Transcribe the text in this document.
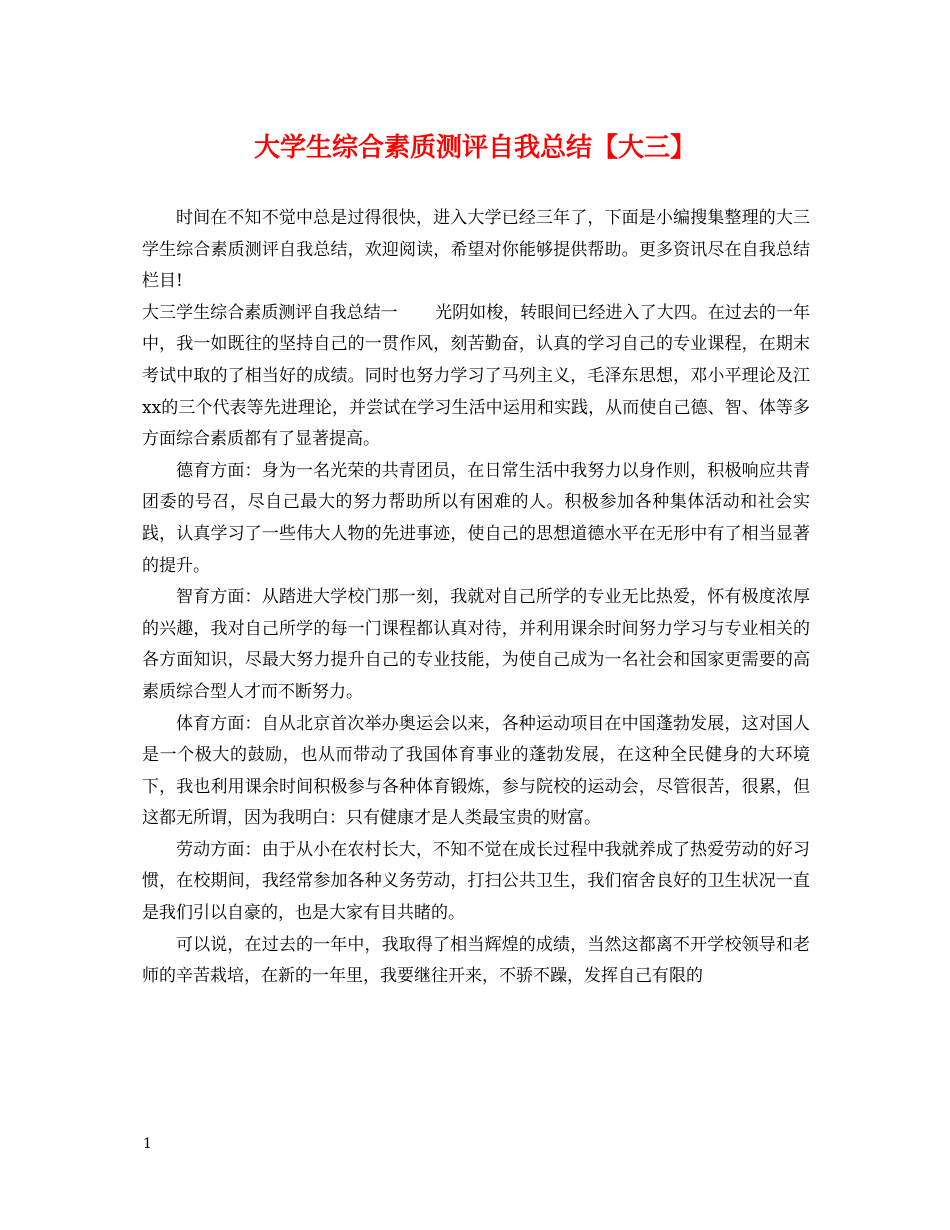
大学生综合素质测评自我总结【大三】

时间在不知不觉中总是过得很快，进入大学已经三年了，下面是小编搜集整理的大三学生综合素质测评自我总结，欢迎阅读，希望对你能够提供帮助。更多资讯尽在自我总结栏目!

大三学生综合素质测评自我总结一 光阴如梭，转眼间已经进入了大四。在过去的一年中，我一如既往的坚持自己的一贯作风，刻苦勤奋，认真的学习自己的专业课程，在期末考试中取的了相当好的成绩。同时也努力学习了马列主义，毛泽东思想，邓小平理论及江xx的三个代表等先进理论，并尝试在学习生活中运用和实践，从而使自己德、智、体等多方面综合素质都有了显著提高。

德育方面：身为一名光荣的共青团员，在日常生活中我努力以身作则，积极响应共青团委的号召，尽自己最大的努力帮助所以有困难的人。积极参加各种集体活动和社会实践，认真学习了一些伟大人物的先进事迹，使自己的思想道德水平在无形中有了相当显著的提升。

智育方面：从踏进大学校门那一刻，我就对自己所学的专业无比热爱，怀有极度浓厚的兴趣，我对自己所学的每一门课程都认真对待，并利用课余时间努力学习与专业相关的各方面知识，尽最大努力提升自己的专业技能，为使自己成为一名社会和国家更需要的高素质综合型人才而不断努力。

体育方面：自从北京首次举办奥运会以来，各种运动项目在中国蓬勃发展，这对国人是一个极大的鼓励，也从而带动了我国体育事业的蓬勃发展，在这种全民健身的大环境下，我也利用课余时间积极参与各种体育锻炼，参与院校的运动会，尽管很苦，很累，但这都无所谓，因为我明白：只有健康才是人类最宝贵的财富。

劳动方面：由于从小在农村长大，不知不觉在成长过程中我就养成了热爱劳动的好习惯，在校期间，我经常参加各种义务劳动，打扫公共卫生，我们宿舍良好的卫生状况一直是我们引以自豪的，也是大家有目共睹的。

可以说，在过去的一年中，我取得了相当辉煌的成绩，当然这都离不开学校领导和老师的辛苦栽培，在新的一年里，我要继往开来，不骄不躁，发挥自己有限的

1
